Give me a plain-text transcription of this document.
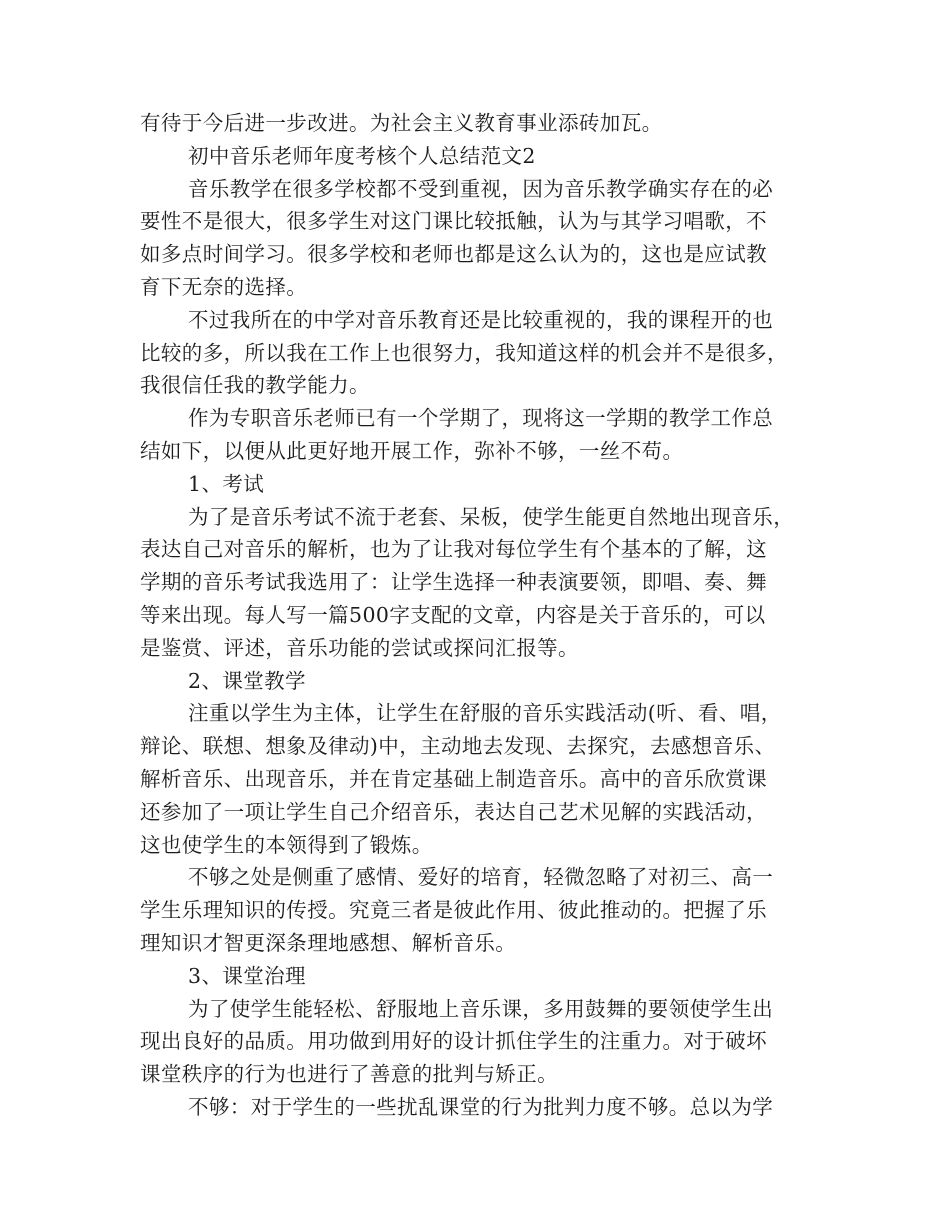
有待于今后进一步改进。为社会主义教育事业添砖加瓦。
初中音乐老师年度考核个人总结范文2
音乐教学在很多学校都不受到重视，因为音乐教学确实存在的必
要性不是很大，很多学生对这门课比较抵触，认为与其学习唱歌，不
如多点时间学习。很多学校和老师也都是这么认为的，这也是应试教
育下无奈的选择。
不过我所在的中学对音乐教育还是比较重视的，我的课程开的也
比较的多，所以我在工作上也很努力，我知道这样的机会并不是很多，
我很信任我的教学能力。
作为专职音乐老师已有一个学期了，现将这一学期的教学工作总
结如下，以便从此更好地开展工作，弥补不够，一丝不苟。
1、考试
为了是音乐考试不流于老套、呆板，使学生能更自然地出现音乐，
表达自己对音乐的解析，也为了让我对每位学生有个基本的了解，这
学期的音乐考试我选用了：让学生选择一种表演要领，即唱、奏、舞
等来出现。每人写一篇500字支配的文章，内容是关于音乐的，可以
是鉴赏、评述，音乐功能的尝试或探问汇报等。
2、课堂教学
注重以学生为主体，让学生在舒服的音乐实践活动(听、看、唱，
辩论、联想、想象及律动)中，主动地去发现、去探究，去感想音乐、
解析音乐、出现音乐，并在肯定基础上制造音乐。高中的音乐欣赏课
还参加了一项让学生自己介绍音乐，表达自己艺术见解的实践活动，
这也使学生的本领得到了锻炼。
不够之处是侧重了感情、爱好的培育，轻微忽略了对初三、高一
学生乐理知识的传授。究竟三者是彼此作用、彼此推动的。把握了乐
理知识才智更深条理地感想、解析音乐。
3、课堂治理
为了使学生能轻松、舒服地上音乐课，多用鼓舞的要领使学生出
现出良好的品质。用功做到用好的设计抓住学生的注重力。对于破坏
课堂秩序的行为也进行了善意的批判与矫正。
不够：对于学生的一些扰乱课堂的行为批判力度不够。总以为学
